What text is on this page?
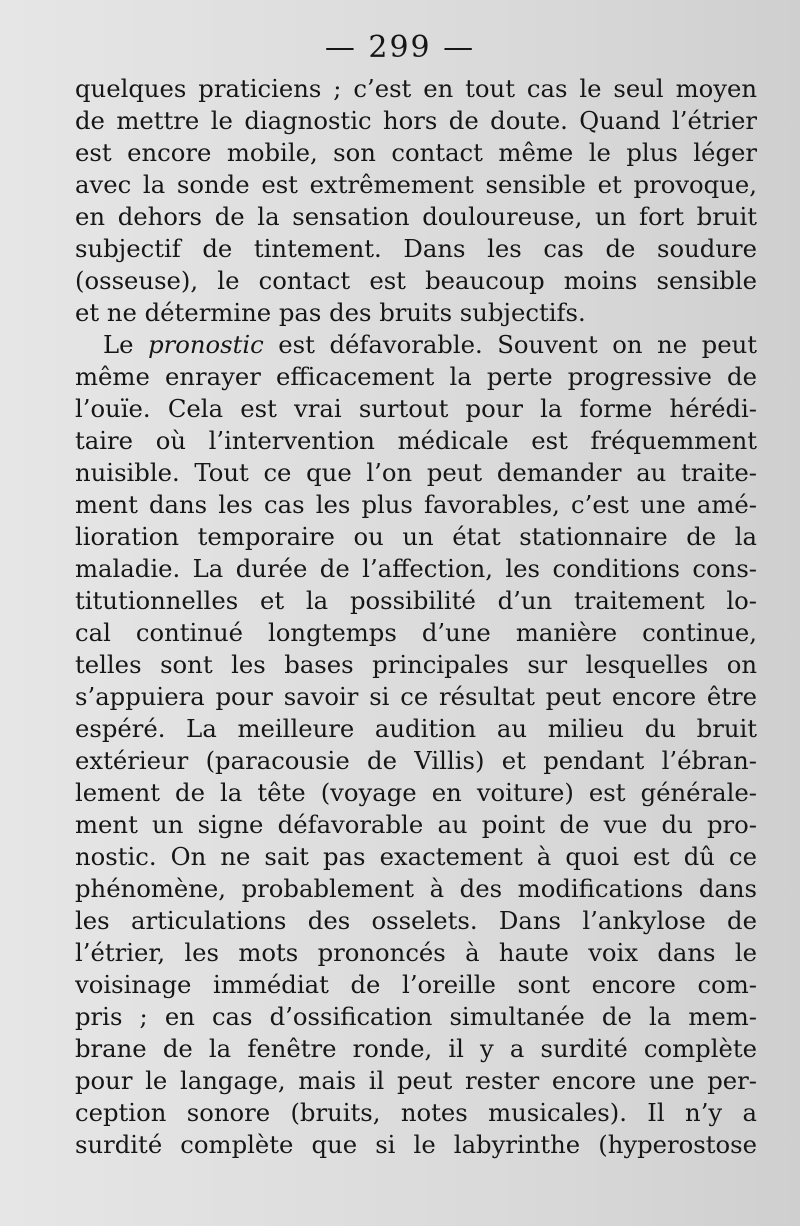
— 299 —
quelques praticiens ; c’est en tout cas le seul moyen
de mettre le diagnostic hors de doute. Quand l’étrier
est encore mobile, son contact même le plus léger
avec la sonde est extrêmement sensible et provoque,
en dehors de la sensation douloureuse, un fort bruit
subjectif de tintement. Dans les cas de soudure
(osseuse), le contact est beaucoup moins sensible
et ne détermine pas des bruits subjectifs.
Le pronostic est défavorable. Souvent on ne peut
même enrayer efficacement la perte progressive de
l’ouïe. Cela est vrai surtout pour la forme hérédi-
taire où l’intervention médicale est fréquemment
nuisible. Tout ce que l’on peut demander au traite-
ment dans les cas les plus favorables, c’est une amé-
lioration temporaire ou un état stationnaire de la
maladie. La durée de l’affection, les conditions cons-
titutionnelles et la possibilité d’un traitement lo-
cal continué longtemps d’une manière continue,
telles sont les bases principales sur lesquelles on
s’appuiera pour savoir si ce résultat peut encore être
espéré. La meilleure audition au milieu du bruit
extérieur (paracousie de Villis) et pendant l’ébran-
lement de la tête (voyage en voiture) est générale-
ment un signe défavorable au point de vue du pro-
nostic. On ne sait pas exactement à quoi est dû ce
phénomène, probablement à des modifications dans
les articulations des osselets. Dans l’ankylose de
l’étrier, les mots prononcés à haute voix dans le
voisinage immédiat de l’oreille sont encore com-
pris ; en cas d’ossification simultanée de la mem-
brane de la fenêtre ronde, il y a surdité complète
pour le langage, mais il peut rester encore une per-
ception sonore (bruits, notes musicales). Il n’y a
surdité complète que si le labyrinthe (hyperostose
